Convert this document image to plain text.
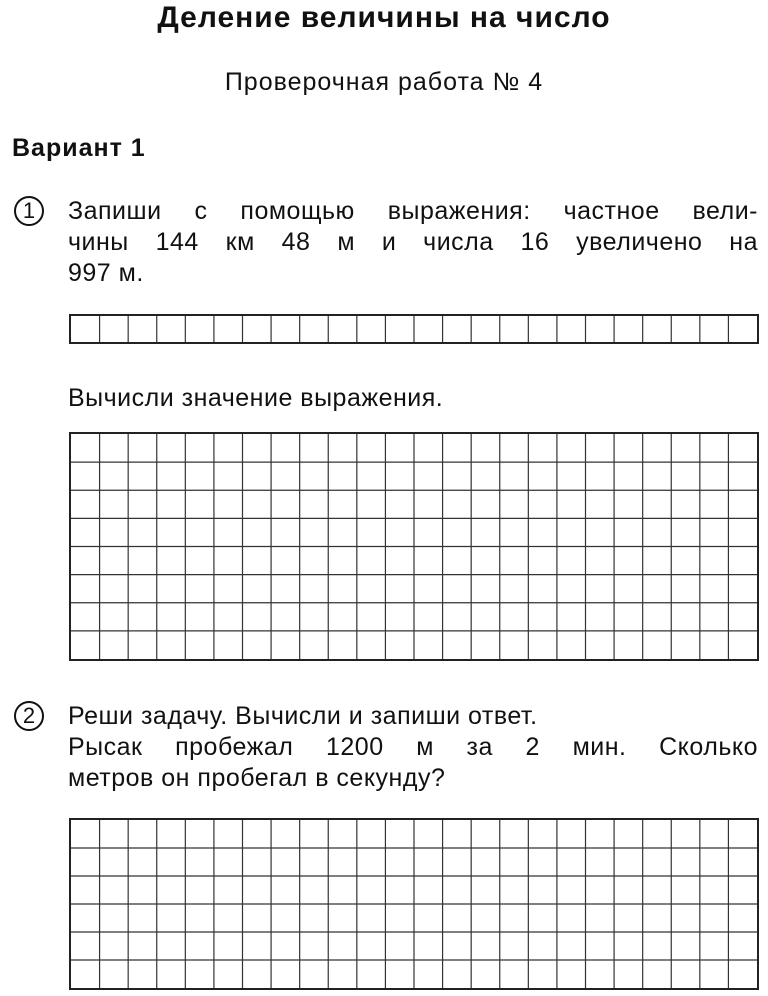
Деление величины на число
Проверочная работа № 4
Вариант 1
1	Запиши с помощью выражения: частное вели-
чины 144 км 48 м и числа 16 увеличено на
997 м.
Вычисли значение выражения.
2	Реши задачу. Вычисли и запиши ответ.
Рысак пробежал 1200 м за 2 мин. Сколько
метров он пробегал в секунду?
